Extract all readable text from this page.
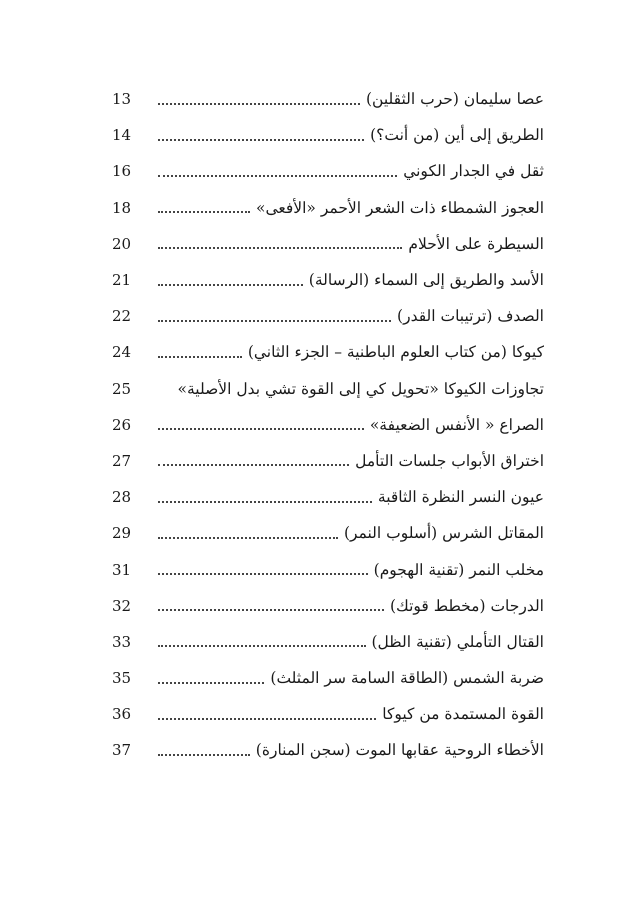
13	عصا سليمان (حرب الثقلين)
14	الطريق إلى أين (من أنت؟)
16	ثقل في الجدار الكوني
18	العجوز الشمطاء ذات الشعر الأحمر «الأفعى»
20	السيطرة على الأحلام
21	الأسد والطريق إلى السماء (الرسالة)
22	الصدف (ترتيبات القدر)
24	كيوكا (من كتاب العلوم الباطنية – الجزء الثاني)
25	تجاوزات الكيوكا «تحويل كي إلى القوة تشي بدل الأصلية»
26	الصراع « الأنفس الضعيفة»
27	اختراق الأبواب جلسات التأمل
28	عيون النسر النظرة الثاقبة
29	المقاتل الشرس (أسلوب النمر)
31	مخلب النمر (تقنية الهجوم)
32	الدرجات (مخطط قوتك)
33	القتال التأملي (تقنية الظل)
35	ضربة الشمس (الطاقة السامة سر المثلث)
36	القوة المستمدة من كيوكا
37	الأخطاء الروحية عقابها الموت (سجن المنارة)
